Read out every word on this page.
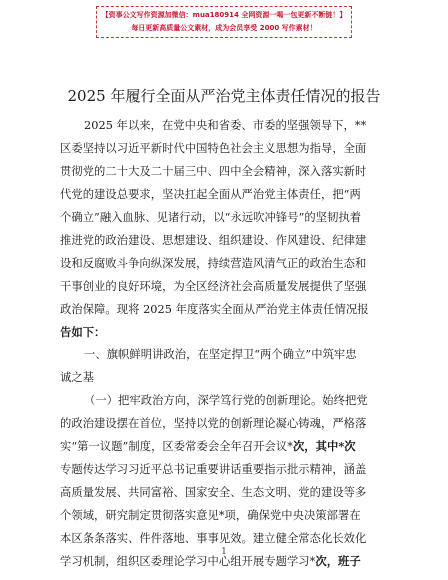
【资事公文写作资源加微信：mua180914 全网资源一喝一包更新不断链！】
每日更新高质量公文素材，成为会员享受 2000 写作素材！
2025 年履行全面从严治党主体责任情况的报告
2025 年以来，在党中央和省委、市委的坚强领导下，**
区委坚持以习近平新时代中国特色社会主义思想为指导，全面
贯彻党的二十大及二十届三中、四中全会精神，深入落实新时
代党的建设总要求，坚决扛起全面从严治党主体责任，把“两
个确立”融入血脉、见诸行动，以“永远吹冲锋号”的坚韧执着
推进党的政治建设、思想建设、组织建设、作风建设、纪律建
设和反腐败斗争向纵深发展，持续营造风清气正的政治生态和
干事创业的良好环境，为全区经济社会高质量发展提供了坚强
政治保障。现将 2025 年度落实全面从严治党主体责任情况报
告如下：
一、旗帜鲜明讲政治，在坚定捍卫“两个确立”中筑牢忠
诚之基
（一）把牢政治方向，深学笃行党的创新理论。始终把党
的政治建设摆在首位，坚持以党的创新理论凝心铸魂，严格落
实“第一议题”制度，区委常委会全年召开会议*次，其中*次
专题传达学习习近平总书记重要讲话重要指示批示精神，涵盖
高质量发展、共同富裕、国家安全、生态文明、党的建设等多
个领域，研究制定贯彻落实意见*项，确保党中央决策部署在
本区条条落实、件件落地、事事见效。建立健全常态化长效化
学习机制，组织区委理论学习中心组开展专题学习*次，班子
1
